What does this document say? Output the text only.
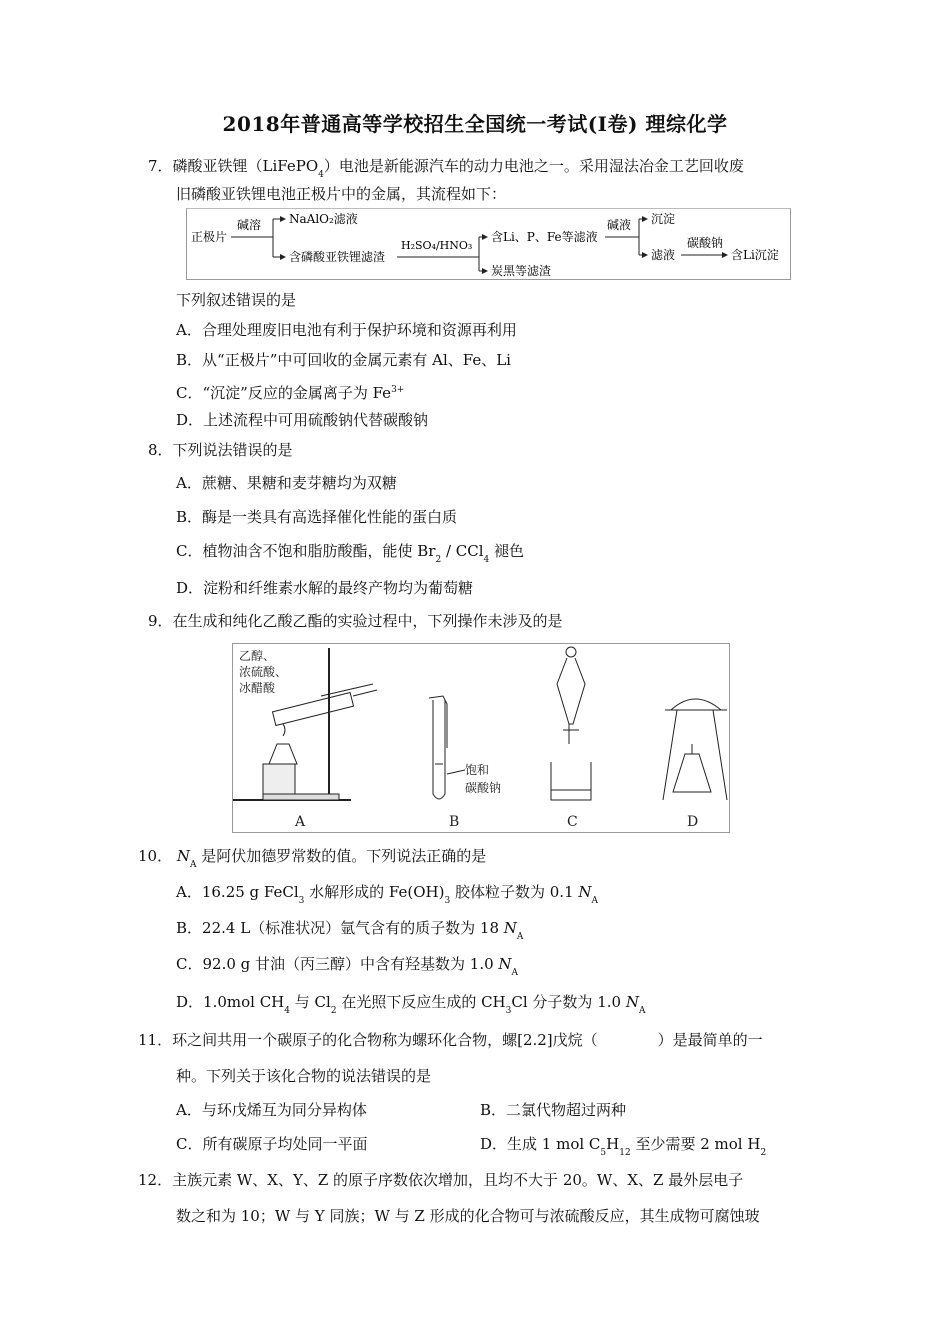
2018年普通高等学校招生全国统一考试(I卷) 理综化学
7．磷酸亚铁锂（LiFePO$_4$）电池是新能源汽车的动力电池之一。采用湿法冶金工艺回收废
旧磷酸亚铁锂电池正极片中的金属，其流程如下：
正极片
碱溶 NaAlO₂滤液
含磷酸亚铁锂滤渣
H₂SO₄/HNO₃
含Li、P、Fe等滤液
炭黑等滤渣
碱液 沉淀
滤液
碳酸钠
含Li沉淀
下列叙述错误的是
A．合理处理废旧电池有利于保护环境和资源再利用
B．从“正极片”中可回收的金属元素有 Al、Fe、Li
C．“沉淀”反应的金属离子为 $Fe^{3+}$
D．上述流程中可用硫酸钠代替碳酸钠
8．下列说法错误的是
A．蔗糖、果糖和麦芽糖均为双糖
B．酶是一类具有高选择催化性能的蛋白质
C．植物油含不饱和脂肪酸酯，能使 $Br_2 / CCl_4$ 褪色
D．淀粉和纤维素水解的最终产物均为葡萄糖
9．在生成和纯化乙酸乙酯的实验过程中，下列操作未涉及的是
乙醇、
浓硫酸、
冰醋酸
饱和
碳酸钠
A	B	C	D
10． $N_A$ 是阿伏加德罗常数的值。下列说法正确的是
A．16.25 g FeCl$_3$ 水解形成的 $Fe(OH)_3$ 胶体粒子数为 0.1 $N_A$
B．22.4 L（标准状况）氩气含有的质子数为 18 $N_A$
C．92.0 g 甘油（丙三醇）中含有羟基数为 1.0 $N_A$
D．1.0mol $CH_4$ 与 $Cl_2$ 在光照下反应生成的 $CH_3Cl$ 分子数为 1.0 $N_A$
11．环之间共用一个碳原子的化合物称为螺环化合物，螺[2.2]戊烷（	）是最简单的一
种。下列关于该化合物的说法错误的是
A．与环戊烯互为同分异构体	B．二氯代物超过两种
C．所有碳原子均处同一平面	D．生成 1 mol $C_5H_{12}$ 至少需要 2 mol $H_2$
12．主族元素 W、X、Y、Z 的原子序数依次增加，且均不大于 20。W、X、Z 最外层电子
数之和为 10；W 与 Y 同族；W 与 Z 形成的化合物可与浓硫酸反应，其生成物可腐蚀玻
